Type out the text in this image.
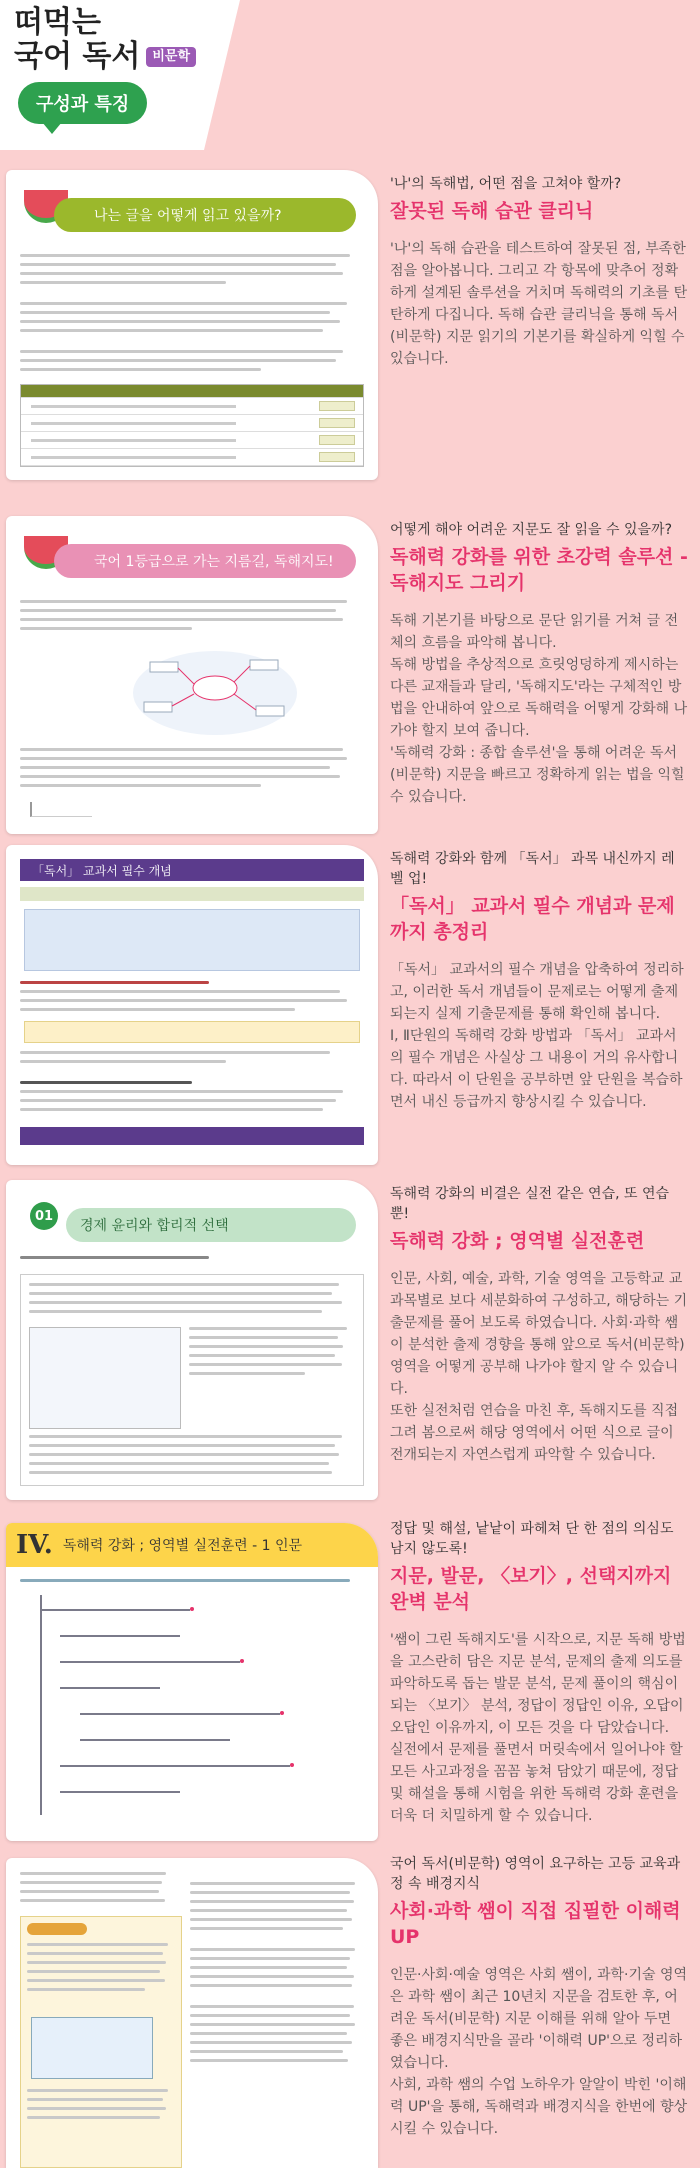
떠먹는
국어 독서 비문학
구성과 특징
나는 글을 어떻게 읽고 있을까?
'나'의 독해법, 어떤 점을 고쳐야 할까?
잘못된 독해 습관 클리닉

'나'의 독해 습관을 테스트하여 잘못된 점, 부족한 점을 알아봅니다. 그리고 각 항목에 맞추어 정확하게 설계된 솔루션을 거치며 독해력의 기초를 탄탄하게 다집니다. 독해 습관 클리닉을 통해 독서(비문학) 지문 읽기의 기본기를 확실하게 익힐 수 있습니다.

국어 1등급으로 가는 지름길, 독해지도!
어떻게 해야 어려운 지문도 잘 읽을 수 있을까?
독해력 강화를 위한 초강력 솔루션 - 독해지도 그리기

독해 기본기를 바탕으로 문단 읽기를 거쳐 글 전체의 흐름을 파악해 봅니다.

독해 방법을 추상적으로 흐릿엉덩하게 제시하는 다른 교재들과 달리, '독해지도'라는 구체적인 방법을 안내하여 앞으로 독해력을 어떻게 강화해 나가야 할지 보여 줍니다.

'독해력 강화 : 종합 솔루션'을 통해 어려운 독서(비문학) 지문을 빠르고 정확하게 읽는 법을 익힐 수 있습니다.

「독서」 교과서 필수 개념
독해력 강화와 함께 「독서」 과목 내신까지 레벨 업!
「독서」 교과서 필수 개념과 문제까지 총정리

「독서」 교과서의 필수 개념을 압축하여 정리하고, 이러한 독서 개념들이 문제로는 어떻게 출제되는지 실제 기출문제를 통해 확인해 봅니다.

Ⅰ, Ⅱ단원의 독해력 강화 방법과 「독서」 교과서의 필수 개념은 사실상 그 내용이 거의 유사합니다. 따라서 이 단원을 공부하면 앞 단원을 복습하면서 내신 등급까지 향상시킬 수 있습니다.

01
경제 윤리와 합리적 선택
독해력 강화의 비결은 실전 같은 연습, 또 연습뿐!
독해력 강화 ; 영역별 실전훈련

인문, 사회, 예술, 과학, 기술 영역을 고등학교 교과목별로 보다 세분화하여 구성하고, 해당하는 기출문제를 풀어 보도록 하였습니다. 사회·과학 쌤이 분석한 출제 경향을 통해 앞으로 독서(비문학) 영역을 어떻게 공부해 나가야 할지 알 수 있습니다.

또한 실전처럼 연습을 마친 후, 독해지도를 직접 그려 봄으로써 해당 영역에서 어떤 식으로 글이 전개되는지 자연스럽게 파악할 수 있습니다.

IV. 독해력 강화 ; 영역별 실전훈련 - 1 인문
정답 및 해설, 낱낱이 파헤쳐 단 한 점의 의심도 남지 않도록!
지문, 발문, 〈보기〉, 선택지까지 완벽 분석

'쌤이 그린 독해지도'를 시작으로, 지문 독해 방법을 고스란히 담은 지문 분석, 문제의 출제 의도를 파악하도록 돕는 발문 분석, 문제 풀이의 핵심이 되는 〈보기〉 분석, 정답이 정답인 이유, 오답이 오답인 이유까지, 이 모든 것을 다 담았습니다.

실전에서 문제를 풀면서 머릿속에서 일어나야 할 모든 사고과정을 꼼꼼 놓쳐 담았기 때문에, 정답 및 해설을 통해 시험을 위한 독해력 강화 훈련을 더욱 더 치밀하게 할 수 있습니다.

국어 독서(비문학) 영역이 요구하는 고등 교육과정 속 배경지식
사회·과학 쌤이 직접 집필한 이해력 UP

인문·사회·예술 영역은 사회 쌤이, 과학·기술 영역은 과학 쌤이 최근 10년치 지문을 검토한 후, 어려운 독서(비문학) 지문 이해를 위해 알아 두면 좋은 배경지식만을 골라 '이해력 UP'으로 정리하였습니다.

사회, 과학 쌤의 수업 노하우가 알알이 박힌 '이해력 UP'을 통해, 독해력과 배경지식을 한번에 향상시킬 수 있습니다.
